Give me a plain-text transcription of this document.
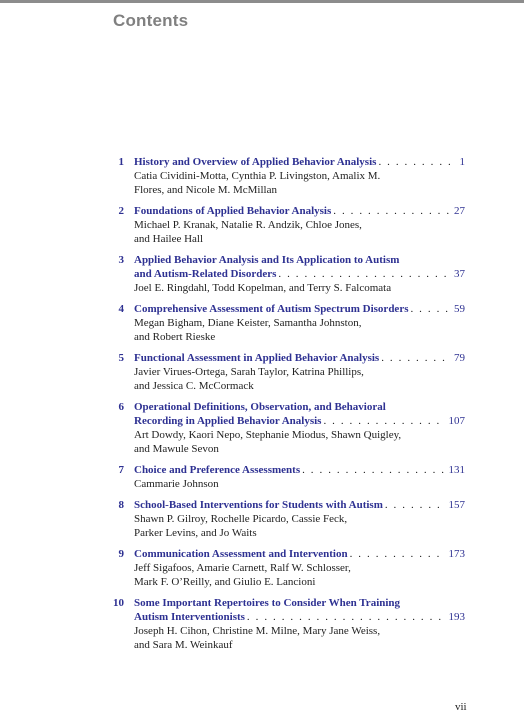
Contents
1 History and Overview of Applied Behavior Analysis . . .	1
Catia Cividini-Motta, Cynthia P. Livingston, Amalix M.
Flores, and Nicole M. McMillan
2 Foundations of Applied Behavior Analysis . . .	27
Michael P. Kranak, Natalie R. Andzik, Chloe Jones,
and Hailee Hall
3 Applied Behavior Analysis and Its Application to Autism
and Autism-Related Disorders . . .	37
Joel E. Ringdahl, Todd Kopelman, and Terry S. Falcomata
4 Comprehensive Assessment of Autism Spectrum Disorders . . .	59
Megan Bigham, Diane Keister, Samantha Johnston,
and Robert Rieske
5 Functional Assessment in Applied Behavior Analysis . . .	79
Javier Virues-Ortega, Sarah Taylor, Katrina Phillips,
and Jessica C. McCormack
6 Operational Definitions, Observation, and Behavioral
Recording in Applied Behavior Analysis . . .	107
Art Dowdy, Kaori Nepo, Stephanie Miodus, Shawn Quigley,
and Mawule Sevon
7 Choice and Preference Assessments . . .	131
Cammarie Johnson
8 School-Based Interventions for Students with Autism . . .	157
Shawn P. Gilroy, Rochelle Picardo, Cassie Feck,
Parker Levins, and Jo Waits
9 Communication Assessment and Intervention . . .	173
Jeff Sigafoos, Amarie Carnett, Ralf W. Schlosser,
Mark F. O’Reilly, and Giulio E. Lancioni
10 Some Important Repertoires to Consider When Training
Autism Interventionists . . .	193
Joseph H. Cihon, Christine M. Milne, Mary Jane Weiss,
and Sara M. Weinkauf
vii
